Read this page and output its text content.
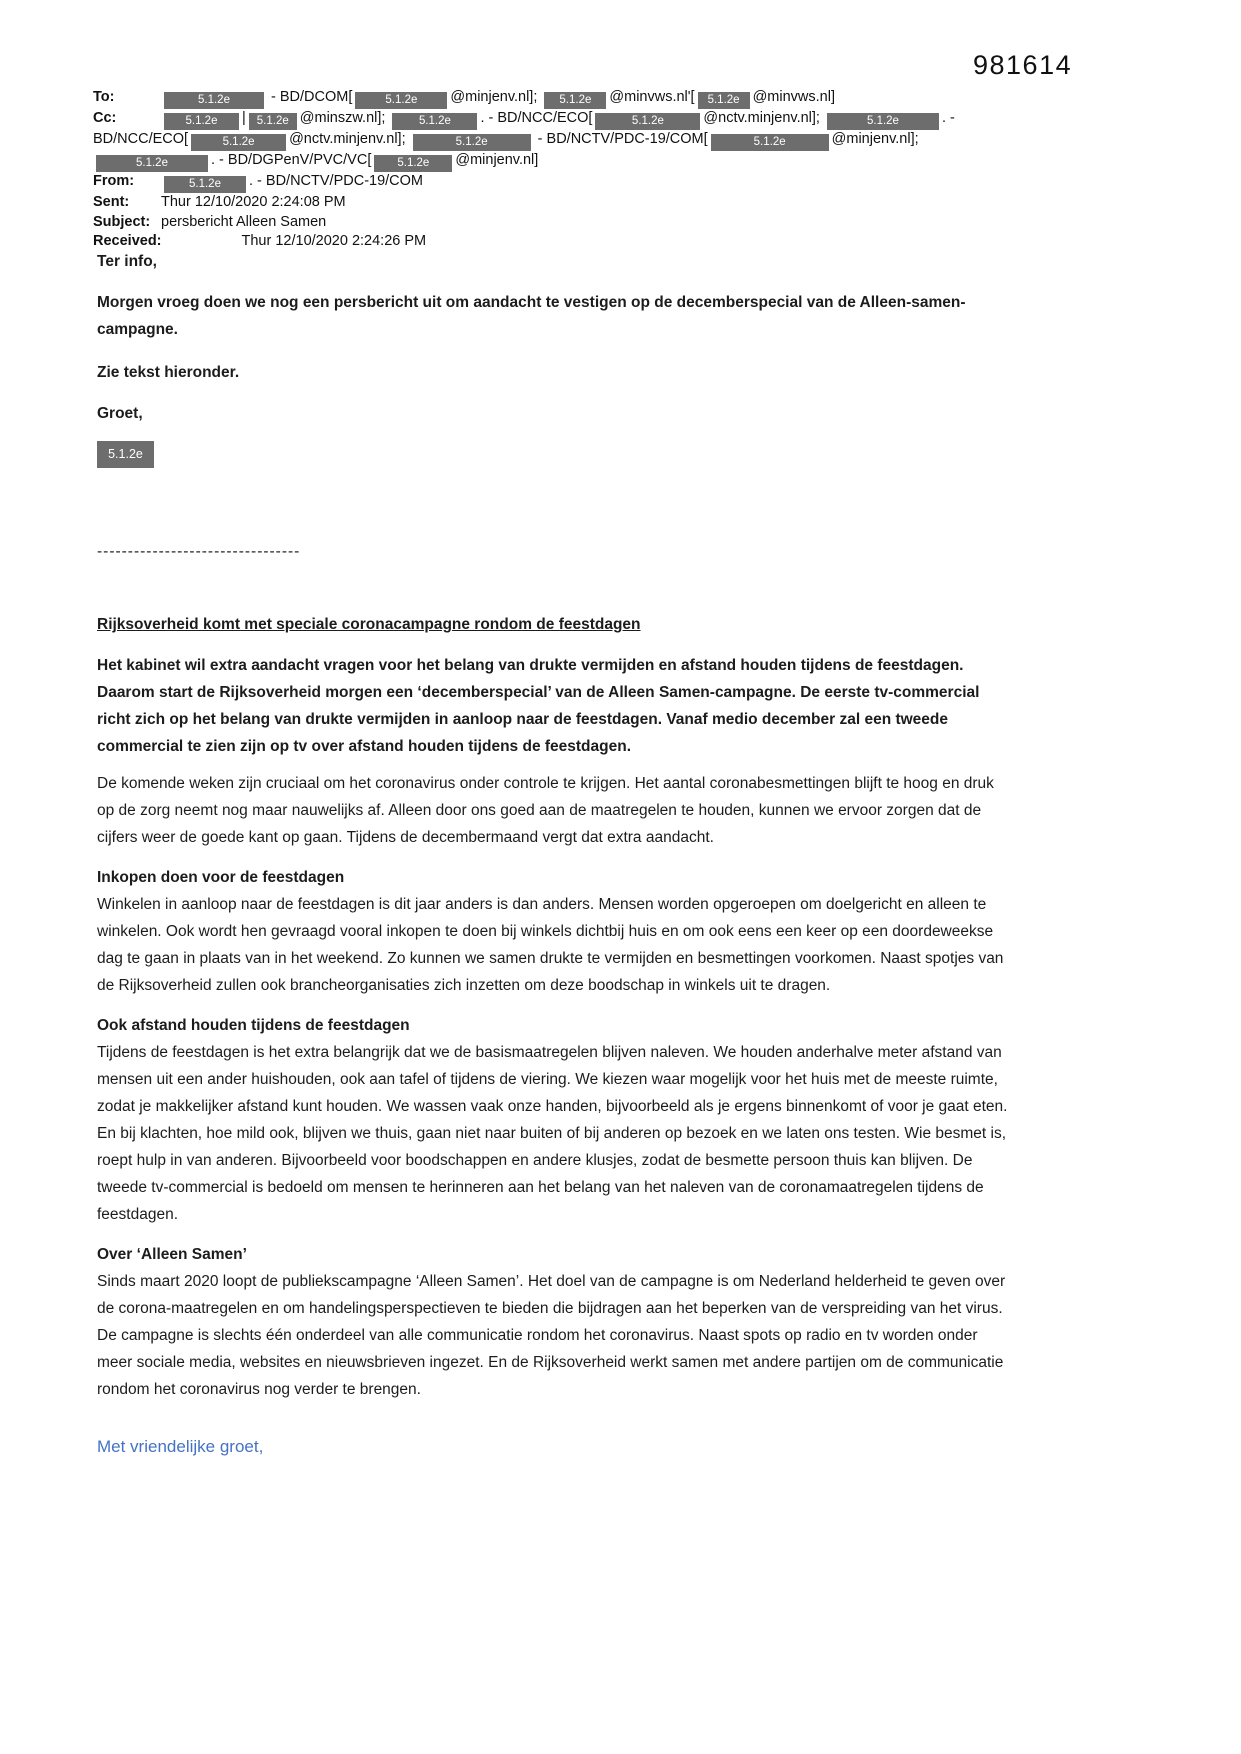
981614
To:	5.1.2e	- BD/DCOM[	5.1.2e @minjenv.nl]; 5.1.2e @minvws.nl'[ 5.1.2e @minvws.nl]
Cc:	5.1.2e | 5.1.2e @minszw.nl];	5.1.2e . - BD/NCC/ECO[	5.1.2e	@nctv.minjenv.nl];	5.1.2e	. -
BD/NCC/ECO[	5.1.2e @nctv.minjenv.nl];	5.1.2e	- BD/NCTV/PDC-19/COM[	5.1.2e	@minjenv.nl];
5.1.2e	. - BD/DGPenV/PVC/VC[ 5.1.2e @minjenv.nl]
From:	5.1.2e . - BD/NCTV/PDC-19/COM
Sent: Thur 12/10/2020 2:24:08 PM
Subject: persbericht Alleen Samen
Received:	Thur 12/10/2020 2:24:26 PM
Ter info,
Morgen vroeg doen we nog een persbericht uit om aandacht te vestigen op de decemberspecial van de Alleen-samen-campagne.
Zie tekst hieronder.
Groet,
5.1.2e
---------------------------------
Rijksoverheid komt met speciale coronacampagne rondom de feestdagen
Het kabinet wil extra aandacht vragen voor het belang van drukte vermijden en afstand houden tijdens de feestdagen. Daarom start de Rijksoverheid morgen een ‘decemberspecial’ van de Alleen Samen-campagne. De eerste tv-commercial richt zich op het belang van drukte vermijden in aanloop naar de feestdagen. Vanaf medio december zal een tweede commercial te zien zijn op tv over afstand houden tijdens de feestdagen.
De komende weken zijn cruciaal om het coronavirus onder controle te krijgen. Het aantal coronabesmettingen blijft te hoog en druk op de zorg neemt nog maar nauwelijks af. Alleen door ons goed aan de maatregelen te houden, kunnen we ervoor zorgen dat de cijfers weer de goede kant op gaan. Tijdens de decembermaand vergt dat extra aandacht.
Inkopen doen voor de feestdagen
Winkelen in aanloop naar de feestdagen is dit jaar anders is dan anders. Mensen worden opgeroepen om doelgericht en alleen te winkelen. Ook wordt hen gevraagd vooral inkopen te doen bij winkels dichtbij huis en om ook eens een keer op een doordeweekse dag te gaan in plaats van in het weekend. Zo kunnen we samen drukte te vermijden en besmettingen voorkomen. Naast spotjes van de Rijksoverheid zullen ook brancheorganisaties zich inzetten om deze boodschap in winkels uit te dragen.
Ook afstand houden tijdens de feestdagen
Tijdens de feestdagen is het extra belangrijk dat we de basismaatregelen blijven naleven. We houden anderhalve meter afstand van mensen uit een ander huishouden, ook aan tafel of tijdens de viering. We kiezen waar mogelijk voor het huis met de meeste ruimte, zodat je makkelijker afstand kunt houden. We wassen vaak onze handen, bijvoorbeeld als je ergens binnenkomt of voor je gaat eten. En bij klachten, hoe mild ook, blijven we thuis, gaan niet naar buiten of bij anderen op bezoek en we laten ons testen. Wie besmet is, roept hulp in van anderen. Bijvoorbeeld voor boodschappen en andere klusjes, zodat de besmette persoon thuis kan blijven. De tweede tv-commercial is bedoeld om mensen te herinneren aan het belang van het naleven van de coronamaatregelen tijdens de feestdagen.
Over ‘Alleen Samen’
Sinds maart 2020 loopt de publiekscampagne ‘Alleen Samen’. Het doel van de campagne is om Nederland helderheid te geven over de corona-maatregelen en om handelingsperspectieven te bieden die bijdragen aan het beperken van de verspreiding van het virus. De campagne is slechts één onderdeel van alle communicatie rondom het coronavirus. Naast spots op radio en tv worden onder meer sociale media, websites en nieuwsbrieven ingezet. En de Rijksoverheid werkt samen met andere partijen om de communicatie rondom het coronavirus nog verder te brengen.
Met vriendelijke groet,
